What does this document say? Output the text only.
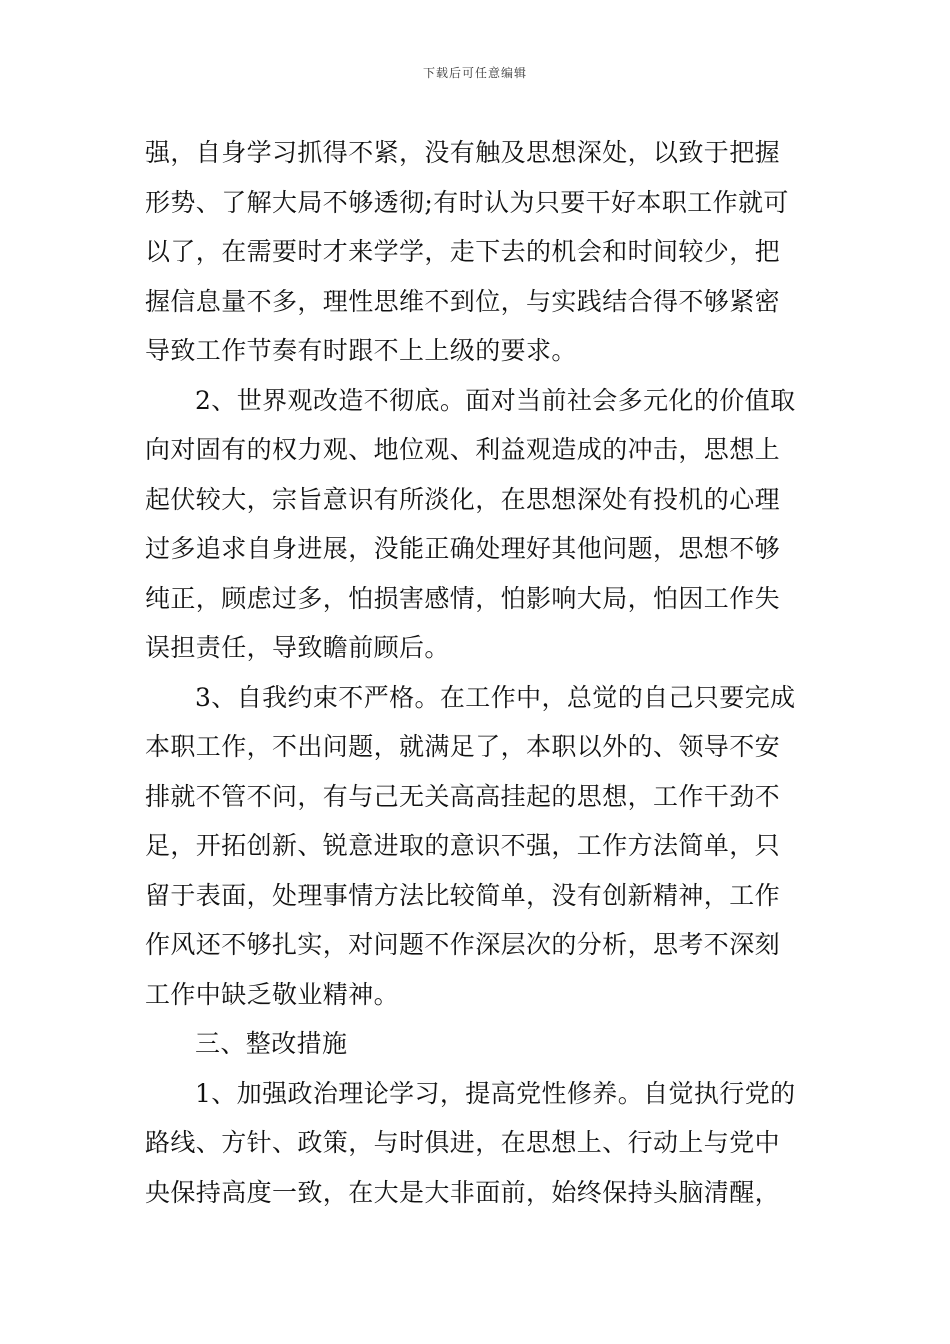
下载后可任意编辑
强，自身学习抓得不紧，没有触及思想深处，以致于把握
形势、了解大局不够透彻;有时认为只要干好本职工作就可
以了，在需要时才来学学，走下去的机会和时间较少，把
握信息量不多，理性思维不到位，与实践结合得不够紧密
导致工作节奏有时跟不上上级的要求。
2、世界观改造不彻底。面对当前社会多元化的价值取
向对固有的权力观、地位观、利益观造成的冲击，思想上
起伏较大，宗旨意识有所淡化，在思想深处有投机的心理
过多追求自身进展，没能正确处理好其他问题，思想不够
纯正，顾虑过多，怕损害感情，怕影响大局，怕因工作失
误担责任，导致瞻前顾后。
3、自我约束不严格。在工作中，总觉的自己只要完成
本职工作，不出问题，就满足了，本职以外的、领导不安
排就不管不问，有与己无关高高挂起的思想，工作干劲不
足，开拓创新、锐意进取的意识不强，工作方法简单，只
留于表面，处理事情方法比较简单，没有创新精神，工作
作风还不够扎实，对问题不作深层次的分析，思考不深刻
工作中缺乏敬业精神。
三、整改措施
1、加强政治理论学习，提高党性修养。自觉执行党的
路线、方针、政策，与时俱进，在思想上、行动上与党中
央保持高度一致，在大是大非面前，始终保持头脑清醒，
